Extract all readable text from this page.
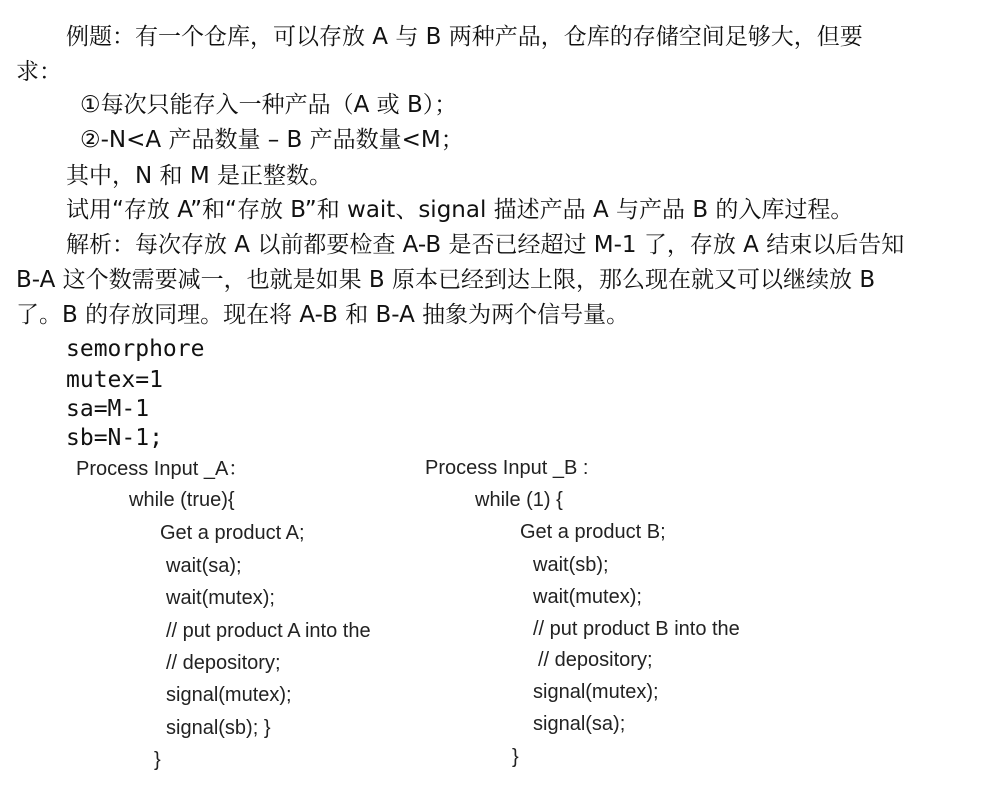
例题：有一个仓库，可以存放 A 与 B 两种产品，仓库的存储空间足够大，但要
求：
①每次只能存入一种产品（A 或 B）；
②-N<A 产品数量 – B 产品数量<M；
其中，N 和 M 是正整数。
试用“存放 A”和“存放 B”和 wait、signal 描述产品 A 与产品 B 的入库过程。
解析：每次存放 A 以前都要检查 A-B 是否已经超过 M-1 了，存放 A 结束以后告知
B-A 这个数需要减一，也就是如果 B 原本已经到达上限，那么现在就又可以继续放 B
了。B 的存放同理。现在将 A-B 和 B-A 抽象为两个信号量。
semorphore
mutex=1
sa=M-1
sb=N-1;
Process Input _A：
while (true){
Get a product A;
wait(sa);
wait(mutex);
// put product A into the
// depository;
signal(mutex);
signal(sb); }
}
Process Input _B :
while (1) {
Get a product B;
wait(sb);
wait(mutex);
// put product B into the
// depository;
signal(mutex);
signal(sa);
}
